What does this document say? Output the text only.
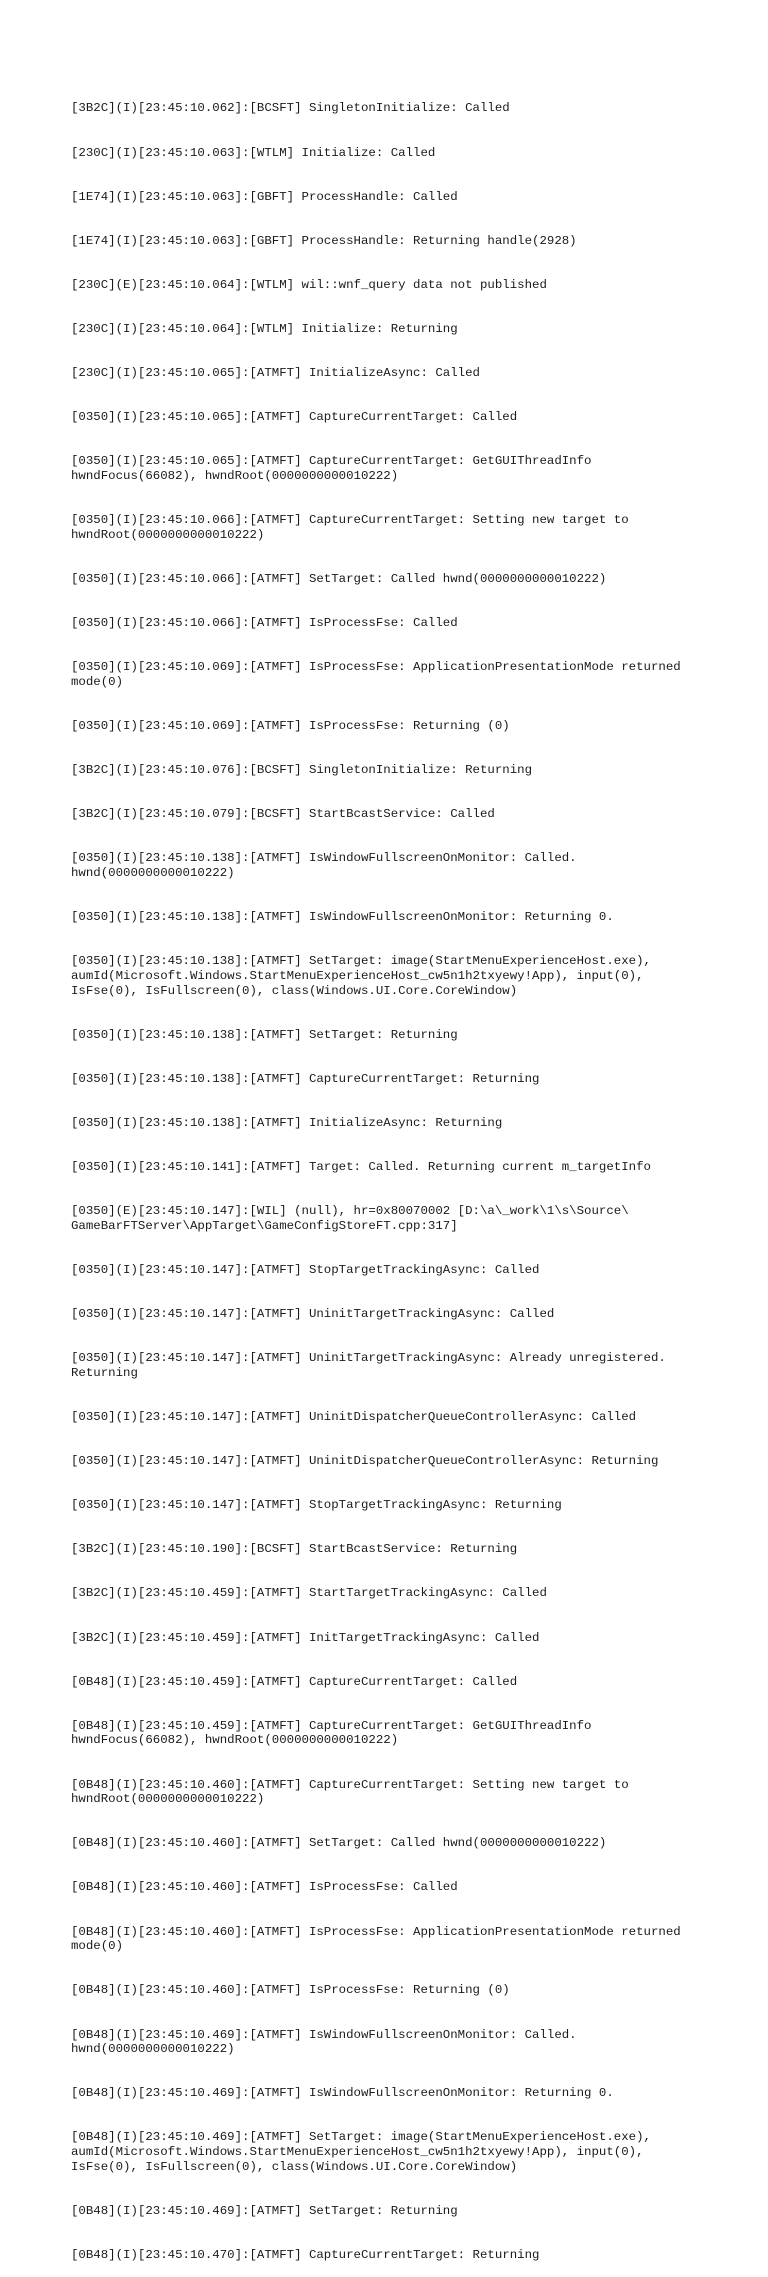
[3B2C](I)[23:45:10.062]:[BCSFT] SingletonInitialize: Called

[230C](I)[23:45:10.063]:[WTLM] Initialize: Called

[1E74](I)[23:45:10.063]:[GBFT] ProcessHandle: Called

[1E74](I)[23:45:10.063]:[GBFT] ProcessHandle: Returning handle(2928)

[230C](E)[23:45:10.064]:[WTLM] wil::wnf_query data not published

[230C](I)[23:45:10.064]:[WTLM] Initialize: Returning

[230C](I)[23:45:10.065]:[ATMFT] InitializeAsync: Called

[0350](I)[23:45:10.065]:[ATMFT] CaptureCurrentTarget: Called

[0350](I)[23:45:10.065]:[ATMFT] CaptureCurrentTarget: GetGUIThreadInfo
hwndFocus(66082), hwndRoot(0000000000010222)

[0350](I)[23:45:10.066]:[ATMFT] CaptureCurrentTarget: Setting new target to
hwndRoot(0000000000010222)

[0350](I)[23:45:10.066]:[ATMFT] SetTarget: Called hwnd(0000000000010222)

[0350](I)[23:45:10.066]:[ATMFT] IsProcessFse: Called

[0350](I)[23:45:10.069]:[ATMFT] IsProcessFse: ApplicationPresentationMode returned
mode(0)

[0350](I)[23:45:10.069]:[ATMFT] IsProcessFse: Returning (0)

[3B2C](I)[23:45:10.076]:[BCSFT] SingletonInitialize: Returning

[3B2C](I)[23:45:10.079]:[BCSFT] StartBcastService: Called

[0350](I)[23:45:10.138]:[ATMFT] IsWindowFullscreenOnMonitor: Called.
hwnd(0000000000010222)

[0350](I)[23:45:10.138]:[ATMFT] IsWindowFullscreenOnMonitor: Returning 0.

[0350](I)[23:45:10.138]:[ATMFT] SetTarget: image(StartMenuExperienceHost.exe),
aumId(Microsoft.Windows.StartMenuExperienceHost_cw5n1h2txyewy!App), input(0),
IsFse(0), IsFullscreen(0), class(Windows.UI.Core.CoreWindow)

[0350](I)[23:45:10.138]:[ATMFT] SetTarget: Returning

[0350](I)[23:45:10.138]:[ATMFT] CaptureCurrentTarget: Returning

[0350](I)[23:45:10.138]:[ATMFT] InitializeAsync: Returning

[0350](I)[23:45:10.141]:[ATMFT] Target: Called. Returning current m_targetInfo

[0350](E)[23:45:10.147]:[WIL] (null), hr=0x80070002 [D:\a\_work\1\s\Source\
GameBarFTServer\AppTarget\GameConfigStoreFT.cpp:317]

[0350](I)[23:45:10.147]:[ATMFT] StopTargetTrackingAsync: Called

[0350](I)[23:45:10.147]:[ATMFT] UninitTargetTrackingAsync: Called

[0350](I)[23:45:10.147]:[ATMFT] UninitTargetTrackingAsync: Already unregistered.
Returning

[0350](I)[23:45:10.147]:[ATMFT] UninitDispatcherQueueControllerAsync: Called

[0350](I)[23:45:10.147]:[ATMFT] UninitDispatcherQueueControllerAsync: Returning

[0350](I)[23:45:10.147]:[ATMFT] StopTargetTrackingAsync: Returning

[3B2C](I)[23:45:10.190]:[BCSFT] StartBcastService: Returning

[3B2C](I)[23:45:10.459]:[ATMFT] StartTargetTrackingAsync: Called

[3B2C](I)[23:45:10.459]:[ATMFT] InitTargetTrackingAsync: Called

[0B48](I)[23:45:10.459]:[ATMFT] CaptureCurrentTarget: Called

[0B48](I)[23:45:10.459]:[ATMFT] CaptureCurrentTarget: GetGUIThreadInfo
hwndFocus(66082), hwndRoot(0000000000010222)

[0B48](I)[23:45:10.460]:[ATMFT] CaptureCurrentTarget: Setting new target to
hwndRoot(0000000000010222)

[0B48](I)[23:45:10.460]:[ATMFT] SetTarget: Called hwnd(0000000000010222)

[0B48](I)[23:45:10.460]:[ATMFT] IsProcessFse: Called

[0B48](I)[23:45:10.460]:[ATMFT] IsProcessFse: ApplicationPresentationMode returned
mode(0)

[0B48](I)[23:45:10.460]:[ATMFT] IsProcessFse: Returning (0)

[0B48](I)[23:45:10.469]:[ATMFT] IsWindowFullscreenOnMonitor: Called.
hwnd(0000000000010222)

[0B48](I)[23:45:10.469]:[ATMFT] IsWindowFullscreenOnMonitor: Returning 0.

[0B48](I)[23:45:10.469]:[ATMFT] SetTarget: image(StartMenuExperienceHost.exe),
aumId(Microsoft.Windows.StartMenuExperienceHost_cw5n1h2txyewy!App), input(0),
IsFse(0), IsFullscreen(0), class(Windows.UI.Core.CoreWindow)

[0B48](I)[23:45:10.469]:[ATMFT] SetTarget: Returning

[0B48](I)[23:45:10.470]:[ATMFT] CaptureCurrentTarget: Returning
